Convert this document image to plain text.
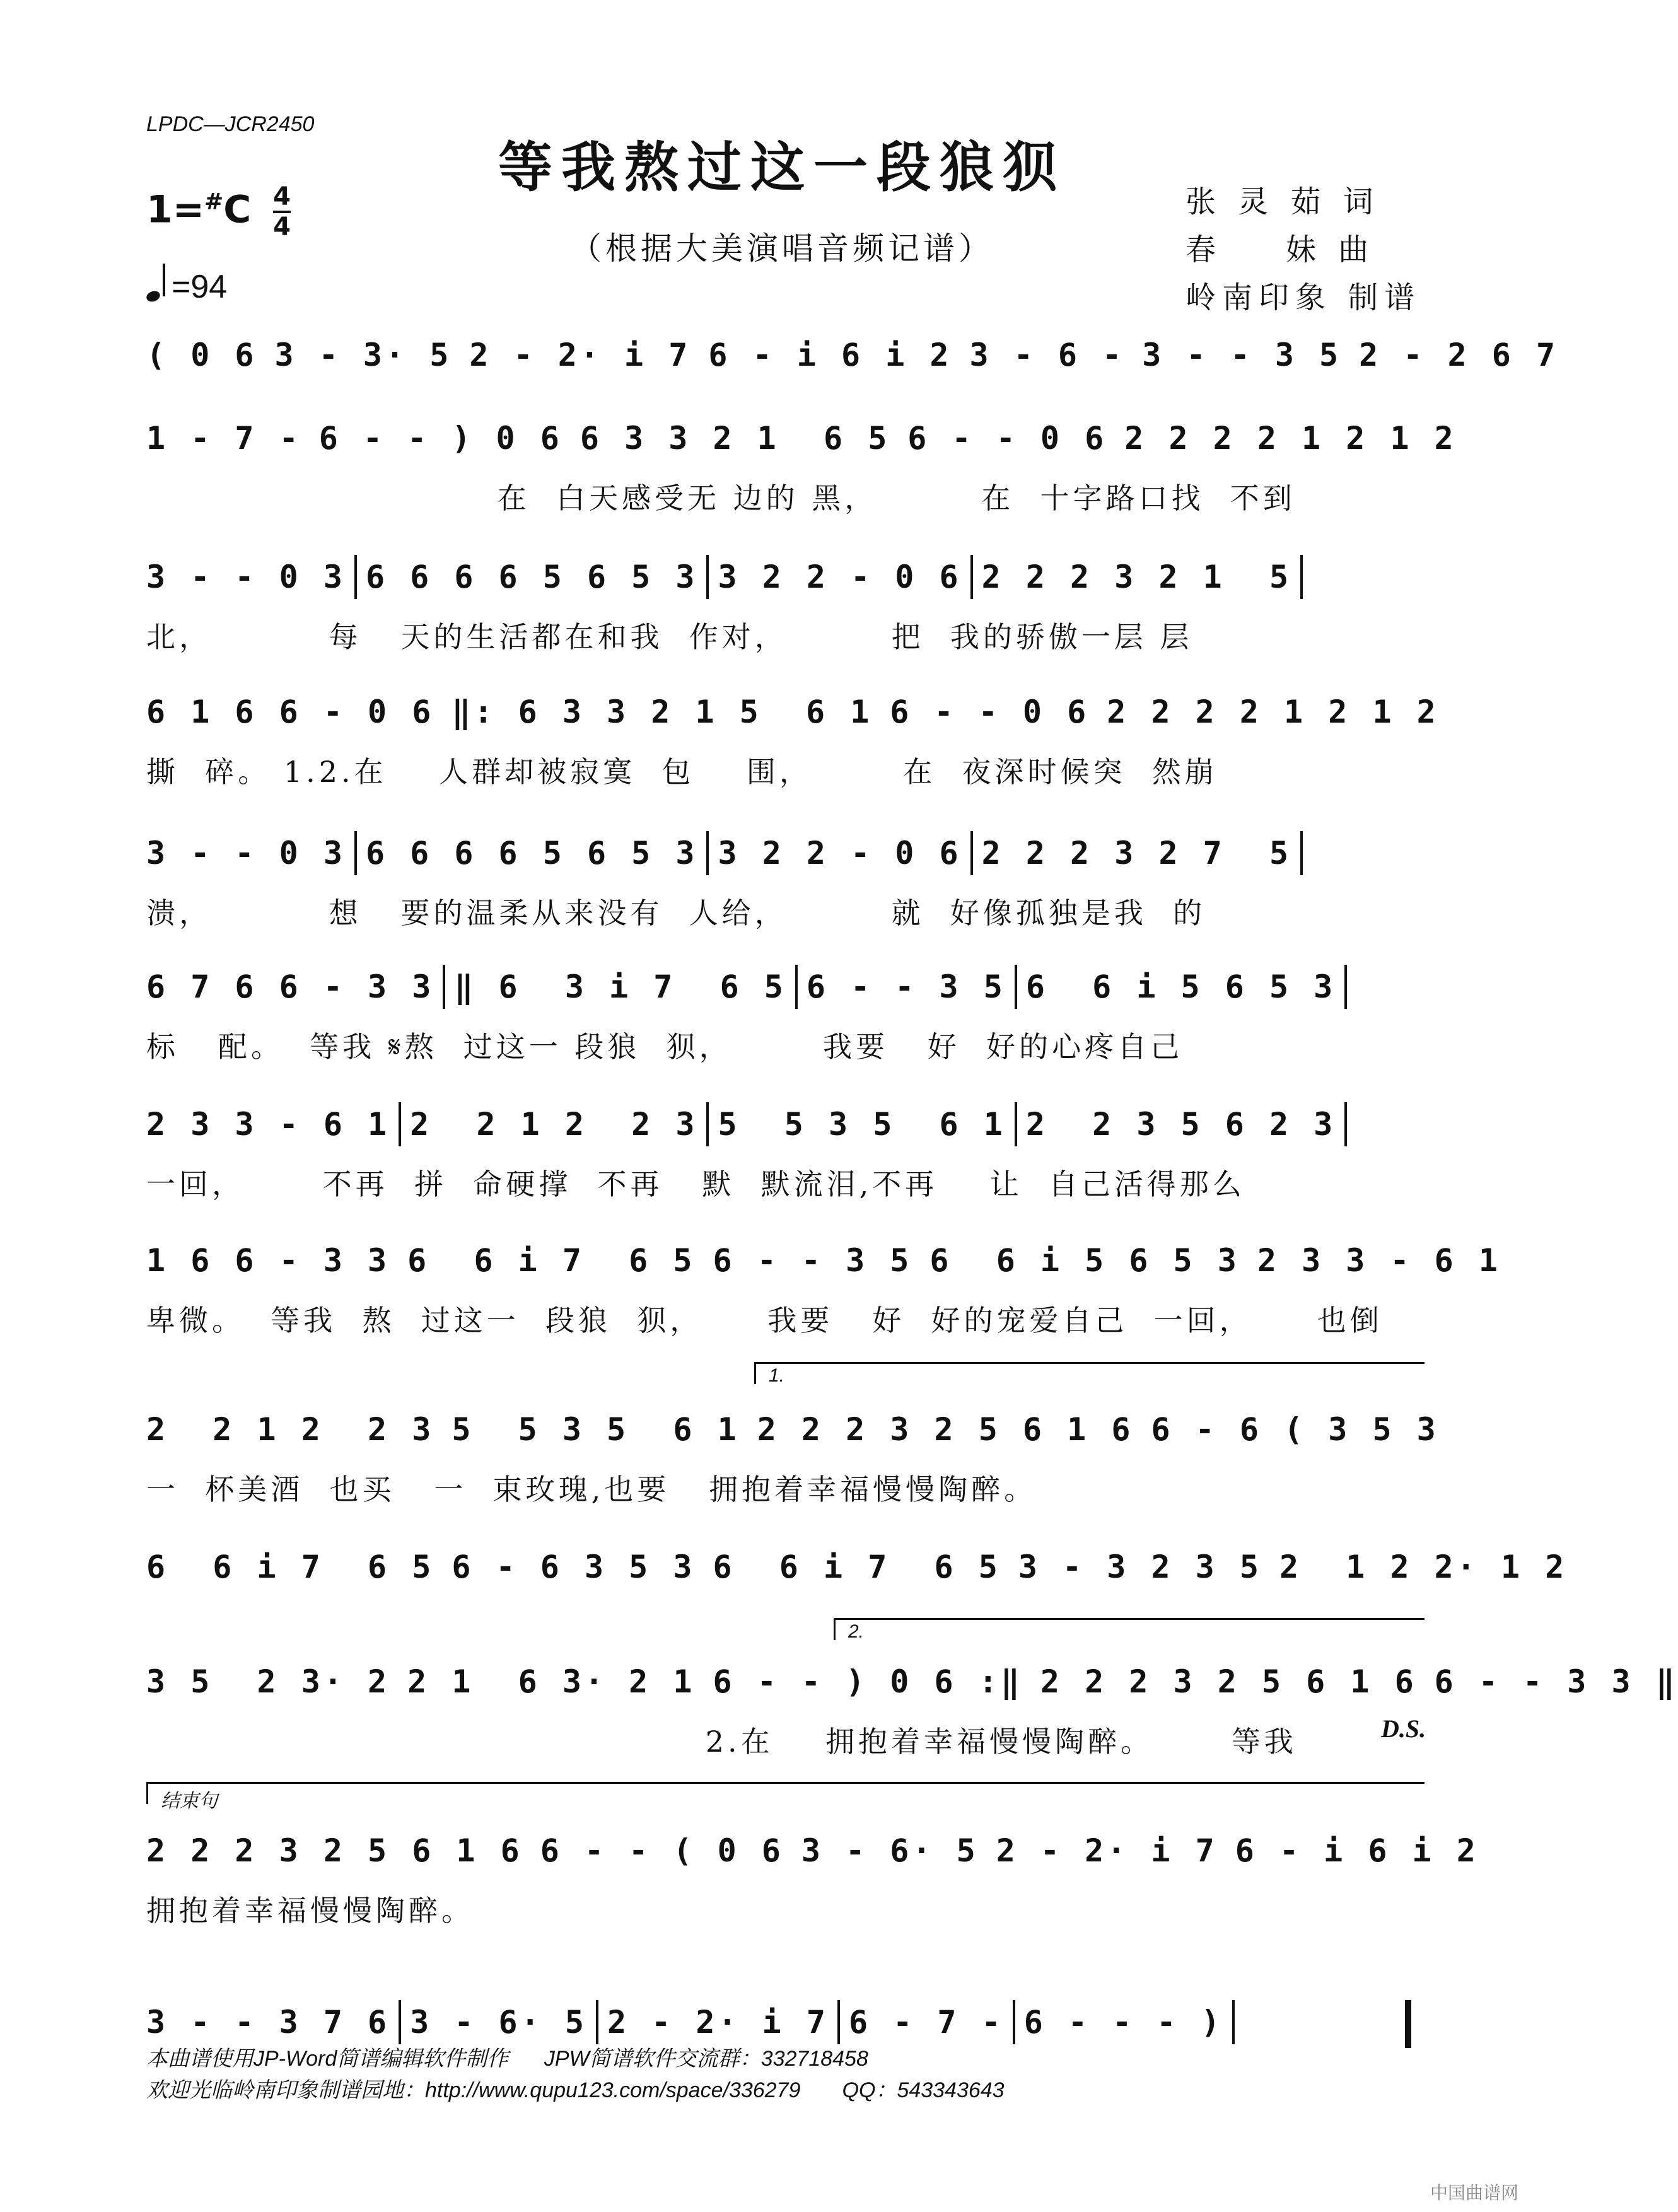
LPDC—JCR2450
等我熬过这一段狼狈
（根据大美演唱音频记谱）
$1=^{\#}C \frac{4}{4}$
=94
张 灵 茹 词
春    妹 曲
岭南印象 制谱
( 0 6 3 - 3· 5 2 - 2· i 7 6 - i 6 i 2 3 - 6 - 3 - - 3 5 2 - 2 6 7
1 - 7 - 6 - - ) 0 6 6 3 3 2 1  6 5 6 - - 0 6 2 2 2 2 1 2 1 2
在  白天感受无 边的 黑，        在  十字路口找  不到
3 - - 0 3 6 6 6 6 5 6 5 3 3 2 2 - 0 6 2 2 2 3 2 1  5
北，         每   天的生活都在和我  作对，        把  我的骄傲一层 层
6 1 6 6 - 0 6 ‖: 6 3 3 2 1 5  6 1 6 - - 0 6 2 2 2 2 1 2 1 2
撕  碎。 1.2.在    人群却被寂寞  包    围，       在  夜深时候突  然崩
3 - - 0 3 6 6 6 6 5 6 5 3 3 2 2 - 0 6 2 2 2 3 2 7  5
溃，         想   要的温柔从来没有  人给，        就  好像孤独是我  的
6 7 6 6 - 3 3 ‖ 6  3 i 7  6 5 6 - - 3 5 6  6 i 5 6 5 3
标   配。  等我 𝄋熬  过这一 段狼  狈，       我要   好  好的心疼自己
2 3 3 - 6 1 2  2 1 2  2 3 5  5 3 5  6 1 2  2 3 5 6 2 3
一回，      不再  拼  命硬撑  不再   默  默流泪,不再    让  自己活得那么
1 6 6 - 3 3 6  6 i 7  6 5 6 - - 3 5 6  6 i 5 6 5 3 2 3 3 - 6 1
卑微。  等我  熬  过这一  段狼  狈，     我要   好  好的宠爱自己  一回，     也倒
2  2 1 2  2 3 5  5 3 5  6 1 2 2 2 3 2 5 6 1 6 6 - 6 ( 3 5 3
一  杯美酒  也买   一  束玫瑰,也要   拥抱着幸福慢慢陶醉。
6  6 i 7  6 5 6 - 6 3 5 3 6  6 i 7  6 5 3 - 3 2 3 5 2  1 2 2· 1 2
3 5  2 3· 2 2 1  6 3· 2 1 6 - - ) 0 6 :‖ 2 2 2 3 2 5 6 1 6 6 - - 3 3 ‖
2.在    拥抱着幸福慢慢陶醉。      等我
2 2 2 3 2 5 6 1 6 6 - - ( 0 6 3 - 6· 5 2 - 2· i 7 6 - i 6 i 2
拥抱着幸福慢慢陶醉。
3 - - 3 7 6 3 - 6· 5 2 - 2· i 7 6 - 7 - 6 - - - )
1.
2.
结束句
D.S.
本曲谱使用JP-Word简谱编辑软件制作      JPW简谱软件交流群：332718458
欢迎光临岭南印象制谱园地：http://www.qupu123.com/space/336279       QQ：543343643
中国曲谱网
